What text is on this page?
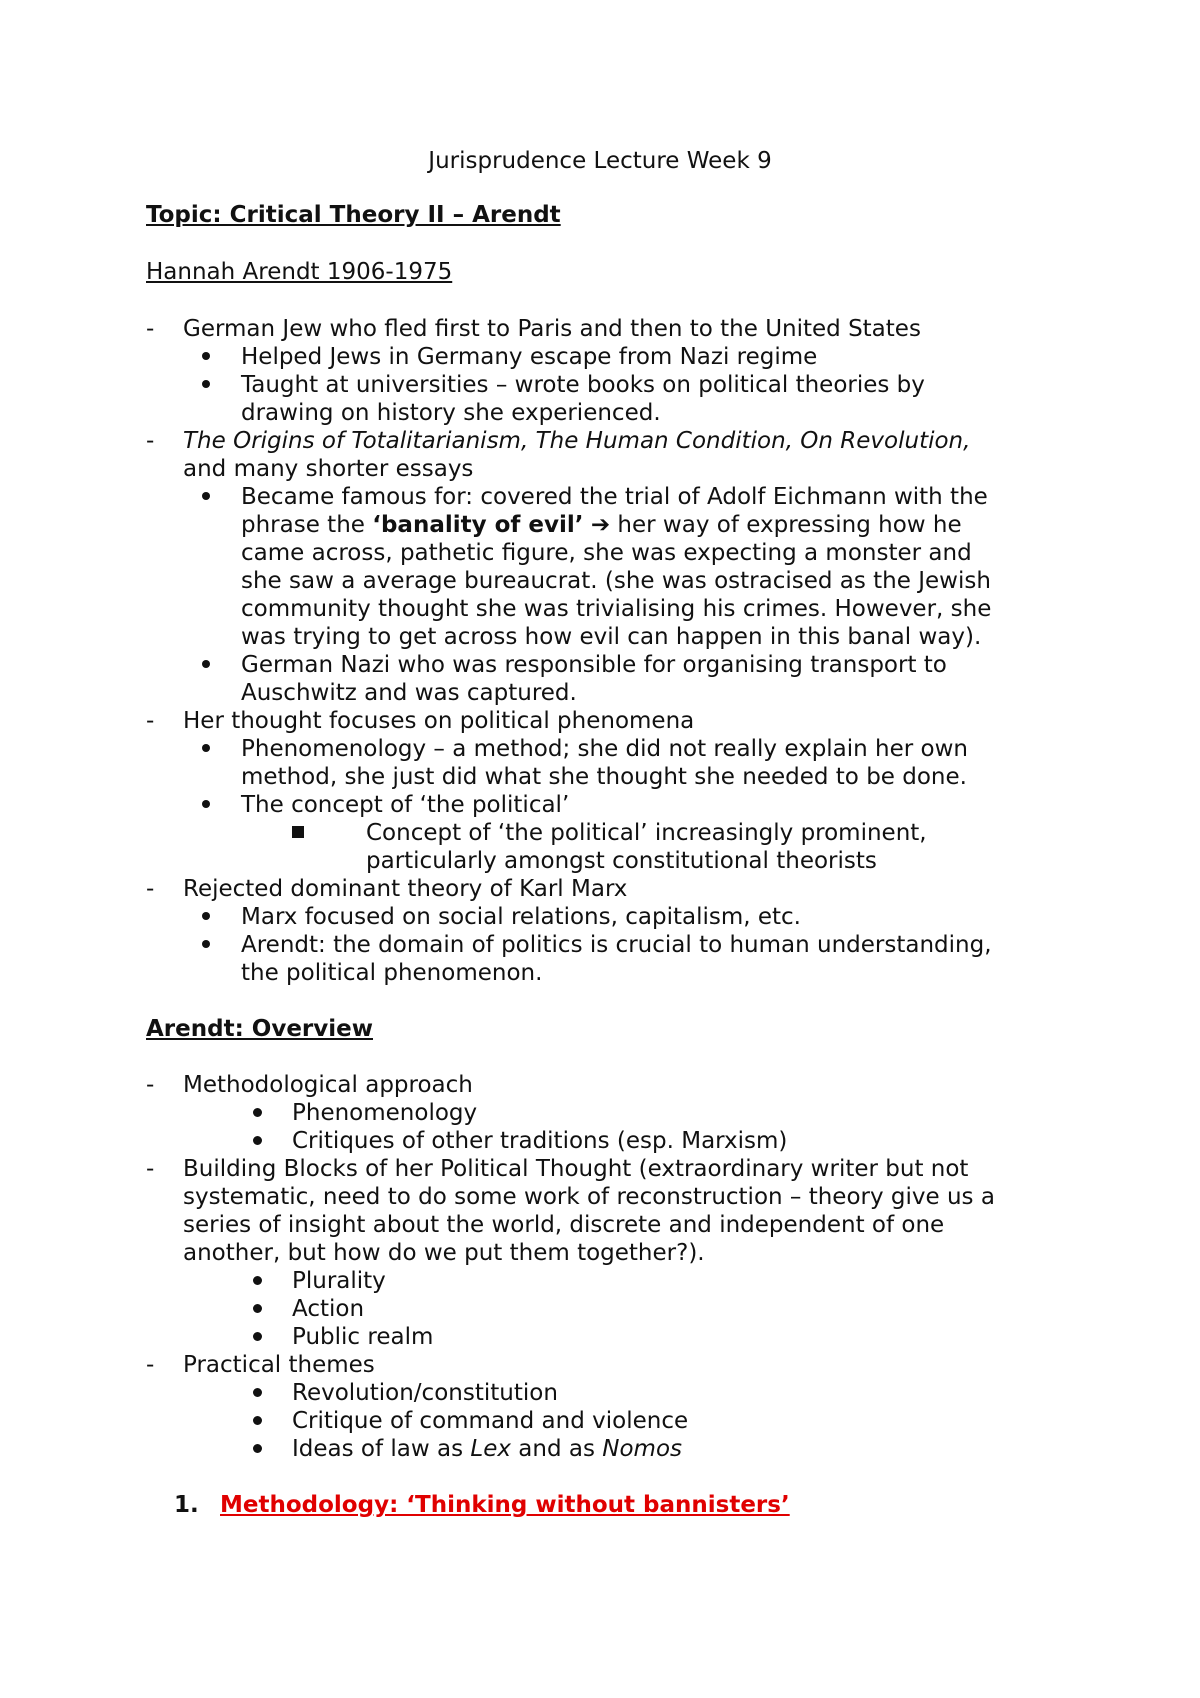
Jurisprudence Lecture Week 9
Topic: Critical Theory II – Arendt
Hannah Arendt 1906-1975
- German Jew who fled first to Paris and then to the United States
Helped Jews in Germany escape from Nazi regime
Taught at universities – wrote books on political theories by
drawing on history she experienced.
- The Origins of Totalitarianism, The Human Condition, On Revolution,
and many shorter essays
Became famous for: covered the trial of Adolf Eichmann with the
phrase the ‘banality of evil’ ➔ her way of expressing how he
came across, pathetic figure, she was expecting a monster and
she saw a average bureaucrat. (she was ostracised as the Jewish
community thought she was trivialising his crimes. However, she
was trying to get across how evil can happen in this banal way).
German Nazi who was responsible for organising transport to
Auschwitz and was captured.
- Her thought focuses on political phenomena
Phenomenology – a method; she did not really explain her own
method, she just did what she thought she needed to be done.
The concept of ‘the political’
Concept of ‘the political’ increasingly prominent,
particularly amongst constitutional theorists
- Rejected dominant theory of Karl Marx
Marx focused on social relations, capitalism, etc.
Arendt: the domain of politics is crucial to human understanding,
the political phenomenon.
Arendt: Overview
- Methodological approach
Phenomenology
Critiques of other traditions (esp. Marxism)
- Building Blocks of her Political Thought (extraordinary writer but not
systematic, need to do some work of reconstruction – theory give us a
series of insight about the world, discrete and independent of one
another, but how do we put them together?).
Plurality
Action
Public realm
- Practical themes
Revolution/constitution
Critique of command and violence
Ideas of law as Lex and as Nomos
1. Methodology: ‘Thinking without bannisters’
